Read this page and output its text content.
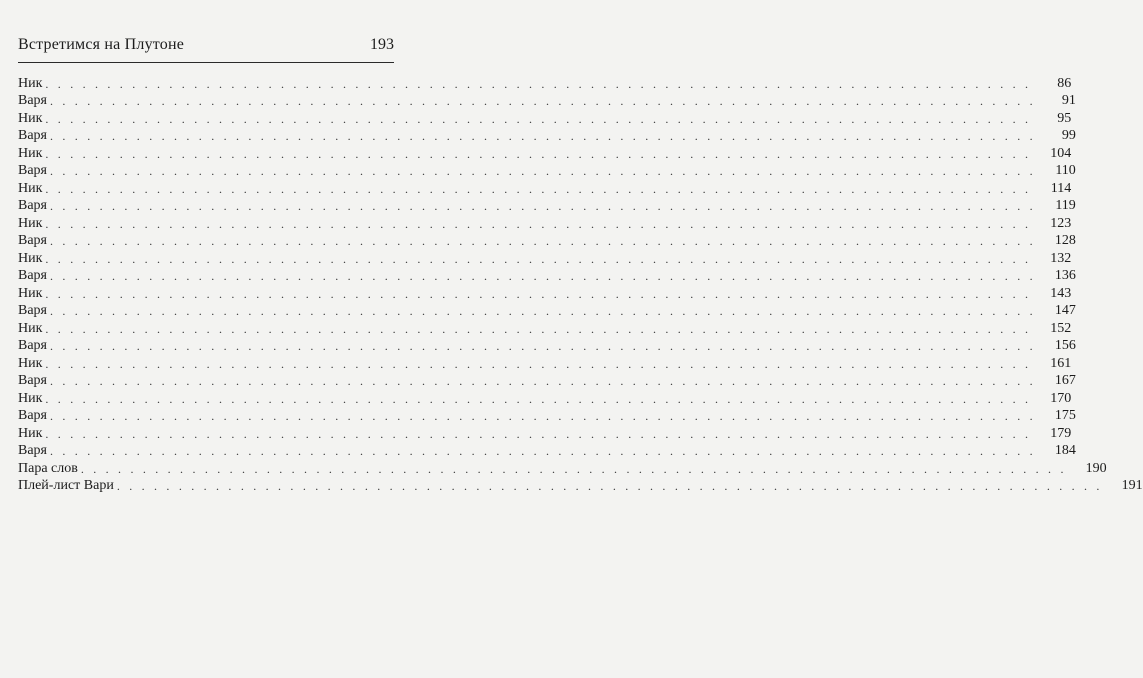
Встретимся на Плутоне	193
Ник . . . . . . . . . . . . . . . . . . . . . . . . . . . . . . . . . . . . . . . . . . . . . . . . . . . . . . . . . . . . . . . . . . . . . . . . . . . . . . . .	86
Варя . . . . . . . . . . . . . . . . . . . . . . . . . . . . . . . . . . . . . . . . . . . . . . . . . . . . . . . . . . . . . . . . . . . . . . . . . . . . . . . .	91
Ник . . . . . . . . . . . . . . . . . . . . . . . . . . . . . . . . . . . . . . . . . . . . . . . . . . . . . . . . . . . . . . . . . . . . . . . . . . . . . . . .	95
Варя . . . . . . . . . . . . . . . . . . . . . . . . . . . . . . . . . . . . . . . . . . . . . . . . . . . . . . . . . . . . . . . . . . . . . . . . . . . . . . . .	99
Ник . . . . . . . . . . . . . . . . . . . . . . . . . . . . . . . . . . . . . . . . . . . . . . . . . . . . . . . . . . . . . . . . . . . . . . . . . . . . . . . .	104
Варя . . . . . . . . . . . . . . . . . . . . . . . . . . . . . . . . . . . . . . . . . . . . . . . . . . . . . . . . . . . . . . . . . . . . . . . . . . . . . . . .	110
Ник . . . . . . . . . . . . . . . . . . . . . . . . . . . . . . . . . . . . . . . . . . . . . . . . . . . . . . . . . . . . . . . . . . . . . . . . . . . . . . . .	114
Варя . . . . . . . . . . . . . . . . . . . . . . . . . . . . . . . . . . . . . . . . . . . . . . . . . . . . . . . . . . . . . . . . . . . . . . . . . . . . . . . .	119
Ник . . . . . . . . . . . . . . . . . . . . . . . . . . . . . . . . . . . . . . . . . . . . . . . . . . . . . . . . . . . . . . . . . . . . . . . . . . . . . . . .	123
Варя . . . . . . . . . . . . . . . . . . . . . . . . . . . . . . . . . . . . . . . . . . . . . . . . . . . . . . . . . . . . . . . . . . . . . . . . . . . . . . . .	128
Ник . . . . . . . . . . . . . . . . . . . . . . . . . . . . . . . . . . . . . . . . . . . . . . . . . . . . . . . . . . . . . . . . . . . . . . . . . . . . . . . .	132
Варя . . . . . . . . . . . . . . . . . . . . . . . . . . . . . . . . . . . . . . . . . . . . . . . . . . . . . . . . . . . . . . . . . . . . . . . . . . . . . . . .	136
Ник . . . . . . . . . . . . . . . . . . . . . . . . . . . . . . . . . . . . . . . . . . . . . . . . . . . . . . . . . . . . . . . . . . . . . . . . . . . . . . . .	143
Варя . . . . . . . . . . . . . . . . . . . . . . . . . . . . . . . . . . . . . . . . . . . . . . . . . . . . . . . . . . . . . . . . . . . . . . . . . . . . . . . .	147
Ник . . . . . . . . . . . . . . . . . . . . . . . . . . . . . . . . . . . . . . . . . . . . . . . . . . . . . . . . . . . . . . . . . . . . . . . . . . . . . . . .	152
Варя . . . . . . . . . . . . . . . . . . . . . . . . . . . . . . . . . . . . . . . . . . . . . . . . . . . . . . . . . . . . . . . . . . . . . . . . . . . . . . . .	156
Ник . . . . . . . . . . . . . . . . . . . . . . . . . . . . . . . . . . . . . . . . . . . . . . . . . . . . . . . . . . . . . . . . . . . . . . . . . . . . . . . .	161
Варя . . . . . . . . . . . . . . . . . . . . . . . . . . . . . . . . . . . . . . . . . . . . . . . . . . . . . . . . . . . . . . . . . . . . . . . . . . . . . . . .	167
Ник . . . . . . . . . . . . . . . . . . . . . . . . . . . . . . . . . . . . . . . . . . . . . . . . . . . . . . . . . . . . . . . . . . . . . . . . . . . . . . . .	170
Варя . . . . . . . . . . . . . . . . . . . . . . . . . . . . . . . . . . . . . . . . . . . . . . . . . . . . . . . . . . . . . . . . . . . . . . . . . . . . . . . .	175
Ник . . . . . . . . . . . . . . . . . . . . . . . . . . . . . . . . . . . . . . . . . . . . . . . . . . . . . . . . . . . . . . . . . . . . . . . . . . . . . . . .	179
Варя . . . . . . . . . . . . . . . . . . . . . . . . . . . . . . . . . . . . . . . . . . . . . . . . . . . . . . . . . . . . . . . . . . . . . . . . . . . . . . . .	184
Пара слов . . . . . . . . . . . . . . . . . . . . . . . . . . . . . . . . . . . . . . . . . . . . . . . . . . . . . . . . . . . . . . . . . . . . . . . . . . . . . . . .	190
Плей-лист Вари . . . . . . . . . . . . . . . . . . . . . . . . . . . . . . . . . . . . . . . . . . . . . . . . . . . . . . . . . . . . . . . . . . . . . . . . . . . . . . . .	191
